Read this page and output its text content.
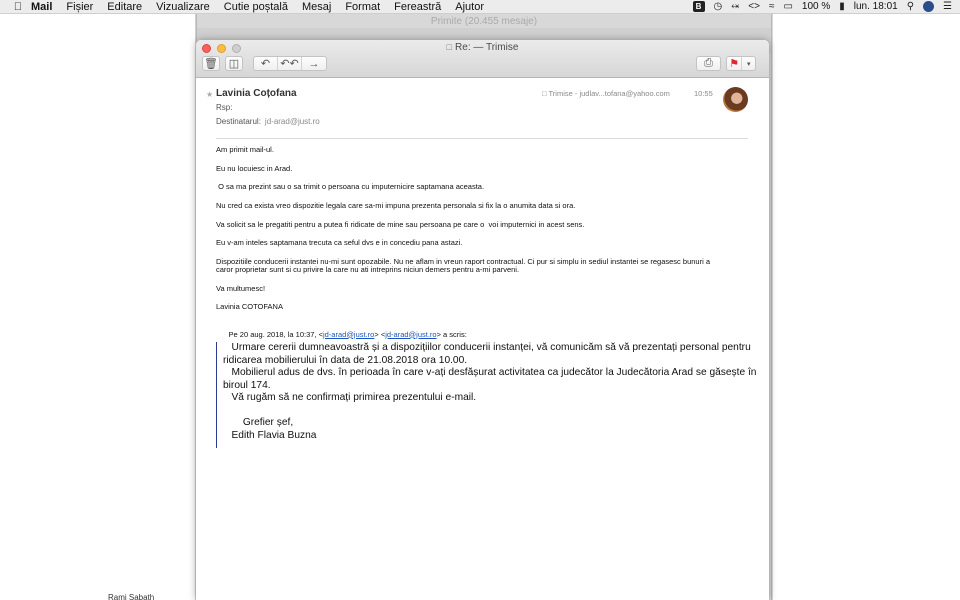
Mail	Fișier	Editare	Vizualizare	Cutie poștală	Mesaj	Format	Fereastră	Ajutor	B	◷ ⬾ <> ≈ ▭ 100 % ▮ lun. 18:01 ⚲	☰
Rami Sabath
Primite (20.455 mesaje)
□ Re: — Trimise
🗑 ◫ ↶ ↶↶ →	⎙ ⚑	▾
★ Lavinia Coțofana
Rsp:
Destinatarul: jd-arad@just.ro
□ Trimise - judlav...tofana@yahoo.com	10:55
Am primit mail-ul.
Eu nu locuiesc in Arad.
O sa ma prezint sau o sa trimit o persoana cu imputernicire saptamana aceasta.
Nu cred ca exista vreo dispozitie legala care sa-mi impuna prezenta personala si fix la o anumita data si ora.
Va solicit sa le pregatiti pentru a putea fi ridicate de mine sau persoana pe care o  voi imputernici in acest sens.
Eu v-am inteles saptamana trecuta ca seful dvs e in concediu pana astazi.
Dispozitiile conducerii instantei nu-mi sunt opozabile. Nu ne aflam in vreun raport contractual. Ci pur si simplu in sediul instantei se regasesc bunuri a
caror proprietar sunt si cu privire la care nu ati intreprins niciun demers pentru a-mi parveni.
Va multumesc!
Lavinia COTOFANA

Pe 20 aug. 2018, la 10:37, <jd-arad@just.ro> <jd-arad@just.ro> a scris:

Urmare cererii dumneavoastră și a dispozițiilor conducerii instanței, vă comunicăm să vă prezentați personal pentru
ridicarea mobilierului în data de 21.08.2018 ora 10.00.
Mobilierul adus de dvs. în perioada în care v-ați desfășurat activitatea ca judecător la Judecătoria Arad se găsește în
biroul 174.
Vă rugăm să ne confirmați primirea prezentului e-mail.
Grefier șef,
Edith Flavia Buzna
